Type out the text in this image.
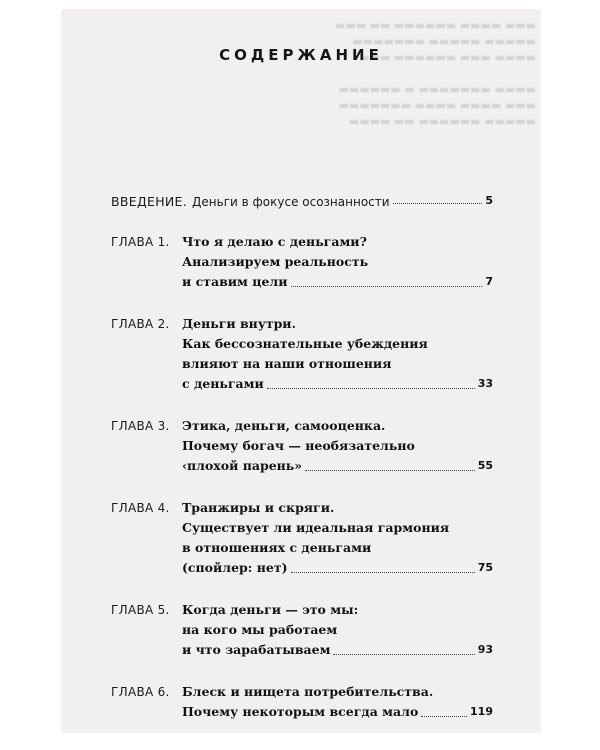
▬▬▬ ▬▬▬▬ ▬▬▬▬▬▬ ▬▬ ▬▬▬
▬▬▬▬▬ ▬▬▬▬▬ ▬▬▬▬▬▬▬
▬▬▬▬ ▬▬▬ ▬▬▬▬▬▬ ▬▬▬

▬▬▬▬ ▬▬▬▬▬▬▬ ▬ ▬▬▬▬▬▬
▬▬▬ ▬▬▬▬ ▬▬▬▬ ▬▬▬▬▬▬▬
▬▬▬▬▬ ▬▬▬▬▬▬ ▬▬ ▬▬▬▬
СОДЕРЖАНИЕ
ВВЕДЕНИЕ. Деньги в фокусе осознанности	5
ГЛАВА 1. Что я делаю с деньгами?
Анализируем реальность
и ставим цели	7
ГЛАВА 2. Деньги внутри.
Как бессознательные убеждения
влияют на наши отношения
с деньгами	33
ГЛАВА 3. Этика, деньги, самооценка.
Почему богач — необязательно
‹плохой парень»	55
ГЛАВА 4. Транжиры и скряги.
Существует ли идеальная гармония
в отношениях с деньгами
(спойлер: нет)	75
ГЛАВА 5. Когда деньги — это мы:
на кого мы работаем
и что зарабатываем	93
ГЛАВА 6. Блеск и нищета потребительства.
Почему некоторым всегда мало	119
